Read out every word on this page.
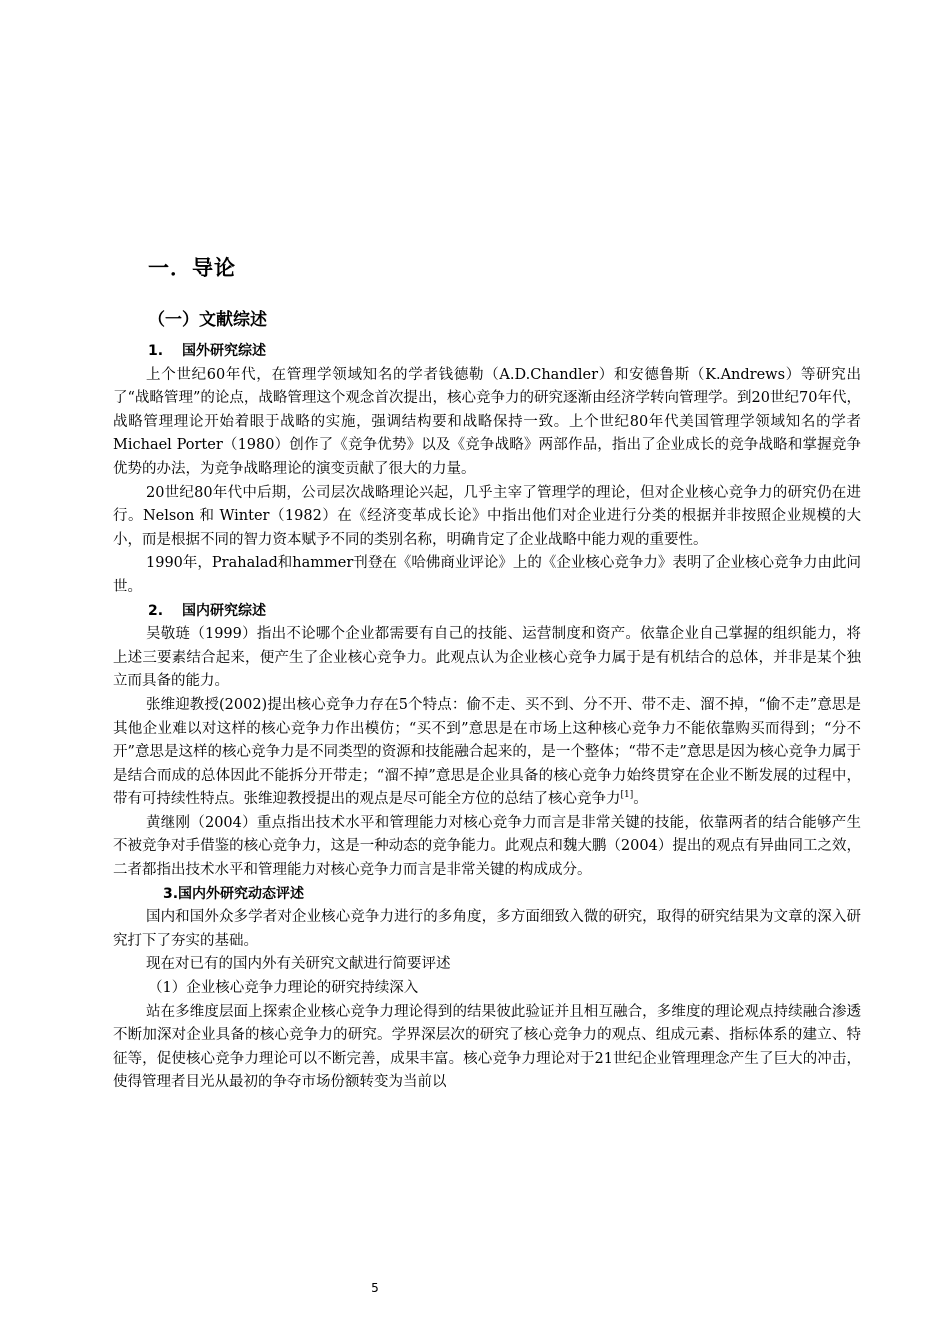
一．导论
（一）文献综述

1. 国外研究综述

上个世纪60年代，在管理学领域知名的学者钱德勒（A.D.Chandler）和安德鲁斯（K.Andrews）等研究出了“战略管理”的论点，战略管理这个观念首次提出，核心竞争力的研究逐渐由经济学转向管理学。到20世纪70年代，战略管理理论开始着眼于战略的实施，强调结构要和战略保持一致。上个世纪80年代美国管理学领域知名的学者 Michael Porter（1980）创作了《竞争优势》以及《竞争战略》两部作品，指出了企业成长的竞争战略和掌握竞争优势的办法，为竞争战略理论的演变贡献了很大的力量。

20世纪80年代中后期，公司层次战略理论兴起，几乎主宰了管理学的理论，但对企业核心竞争力的研究仍在进行。Nelson 和 Winter（1982）在《经济变革成长论》中指出他们对企业进行分类的根据并非按照企业规模的大小，而是根据不同的智力资本赋予不同的类别名称，明确肯定了企业战略中能力观的重要性。

1990年，Prahalad和hammer刊登在《哈佛商业评论》上的《企业核心竞争力》表明了企业核心竞争力由此问世。

2. 国内研究综述

吴敬琏（1999）指出不论哪个企业都需要有自己的技能、运营制度和资产。依靠企业自己掌握的组织能力，将上述三要素结合起来，便产生了企业核心竞争力。此观点认为企业核心竞争力属于是有机结合的总体，并非是某个独立而具备的能力。

张维迎教授(2002)提出核心竞争力存在5个特点：偷不走、买不到、分不开、带不走、溜不掉，“偷不走”意思是其他企业难以对这样的核心竞争力作出模仿；“买不到”意思是在市场上这种核心竞争力不能依靠购买而得到；“分不开”意思是这样的核心竞争力是不同类型的资源和技能融合起来的，是一个整体；“带不走”意思是因为核心竞争力属于是结合而成的总体因此不能拆分开带走；“溜不掉”意思是企业具备的核心竞争力始终贯穿在企业不断发展的过程中，带有可持续性特点。张维迎教授提出的观点是尽可能全方位的总结了核心竞争力[1]。

黄继刚（2004）重点指出技术水平和管理能力对核心竞争力而言是非常关键的技能，依靠两者的结合能够产生不被竞争对手借鉴的核心竞争力，这是一种动态的竞争能力。此观点和魏大鹏（2004）提出的观点有异曲同工之效，二者都指出技术水平和管理能力对核心竞争力而言是非常关键的构成成分。

3.国内外研究动态评述

国内和国外众多学者对企业核心竞争力进行的多角度，多方面细致入微的研究，取得的研究结果为文章的深入研究打下了夯实的基础。

现在对已有的国内外有关研究文献进行简要评述

（1）企业核心竞争力理论的研究持续深入

站在多维度层面上探索企业核心竞争力理论得到的结果彼此验证并且相互融合，多维度的理论观点持续融合渗透不断加深对企业具备的核心竞争力的研究。学界深层次的研究了核心竞争力的观点、组成元素、指标体系的建立、特征等，促使核心竞争力理论可以不断完善，成果丰富。核心竞争力理论对于21世纪企业管理理念产生了巨大的冲击，使得管理者目光从最初的争夺市场份额转变为当前以

5
